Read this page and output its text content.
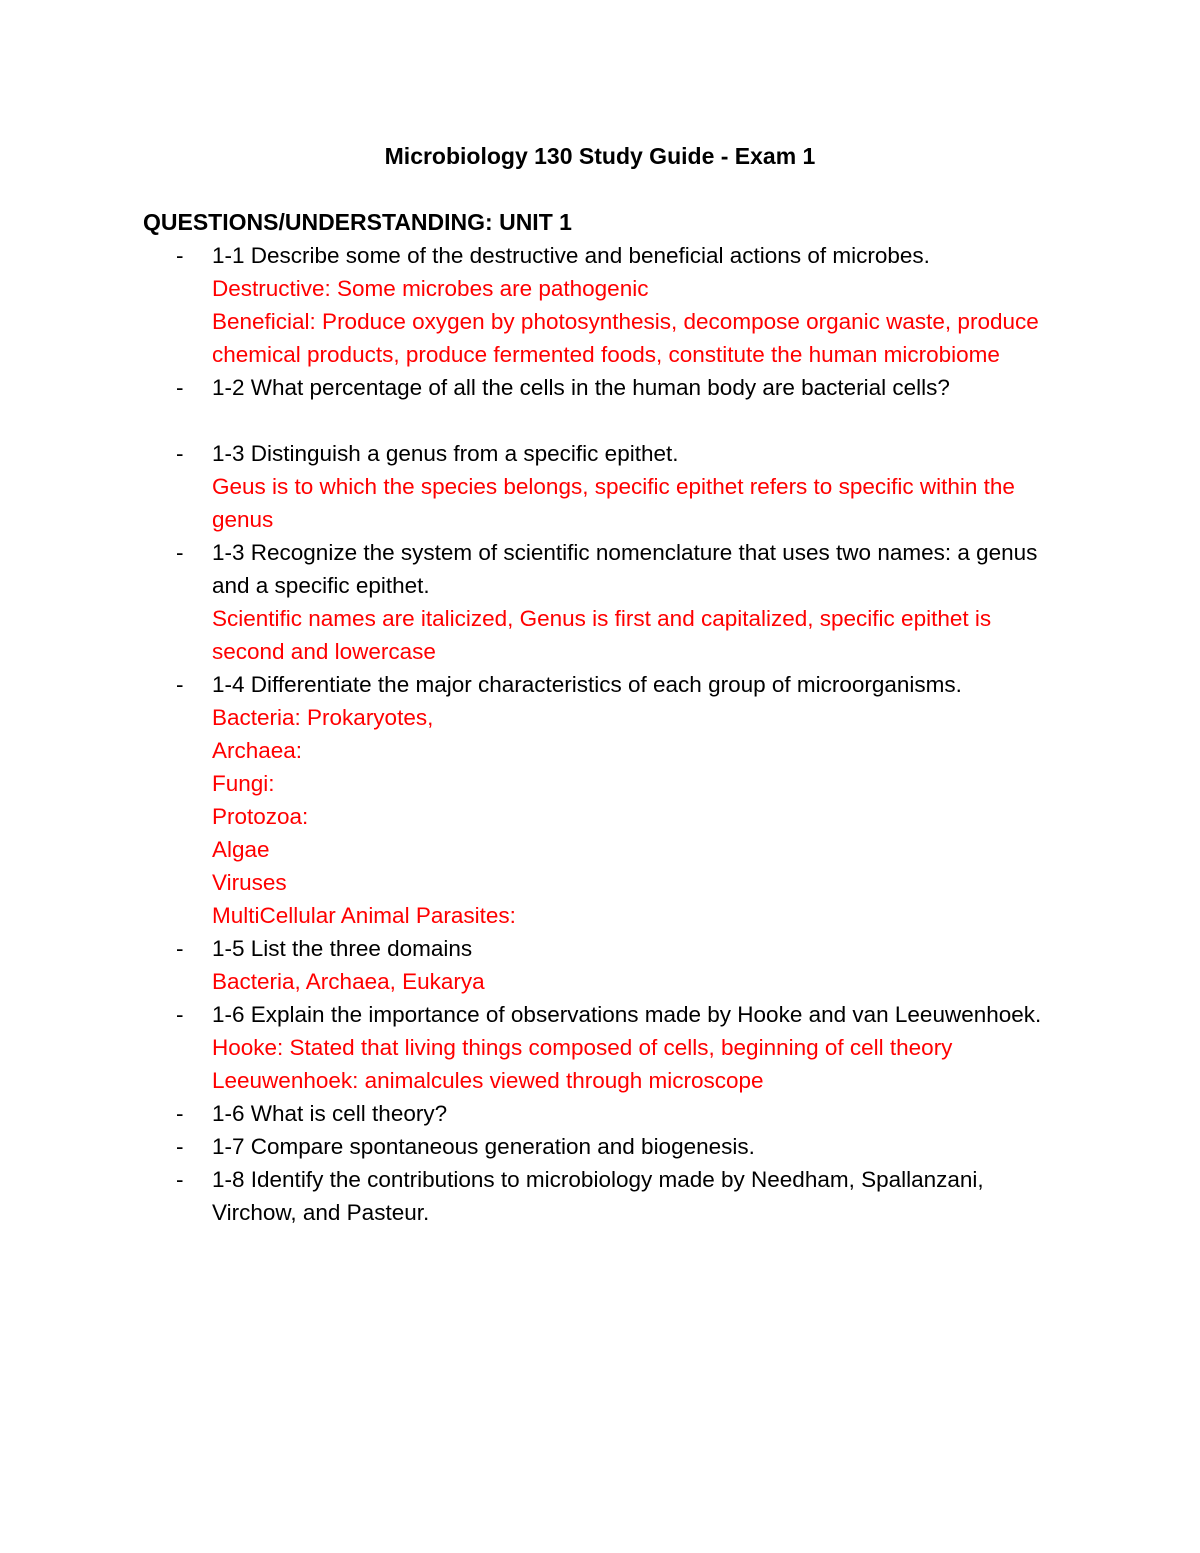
Microbiology 130 Study Guide - Exam 1
QUESTIONS/UNDERSTANDING: UNIT 1
- 1-1 Describe some of the destructive and beneficial actions of microbes.
Destructive: Some microbes are pathogenic
Beneficial: Produce oxygen by photosynthesis, decompose organic waste, produce chemical products, produce fermented foods, constitute the human microbiome
- 1-2 What percentage of all the cells in the human body are bacterial cells?
- 1-3 Distinguish a genus from a specific epithet.
Geus is to which the species belongs, specific epithet refers to specific within the genus
- 1-3 Recognize the system of scientific nomenclature that uses two names: a genus and a specific epithet.
Scientific names are italicized, Genus is first and capitalized, specific epithet is second and lowercase
- 1-4 Differentiate the major characteristics of each group of microorganisms.
Bacteria: Prokaryotes,
Archaea:
Fungi:
Protozoa:
Algae
Viruses
MultiCellular Animal Parasites:
- 1-5 List the three domains
Bacteria, Archaea, Eukarya
- 1-6 Explain the importance of observations made by Hooke and van Leeuwenhoek.
Hooke: Stated that living things composed of cells, beginning of cell theory
Leeuwenhoek: animalcules viewed through microscope
- 1-6 What is cell theory?
- 1-7 Compare spontaneous generation and biogenesis.
- 1-8 Identify the contributions to microbiology made by Needham, Spallanzani, Virchow, and Pasteur.
